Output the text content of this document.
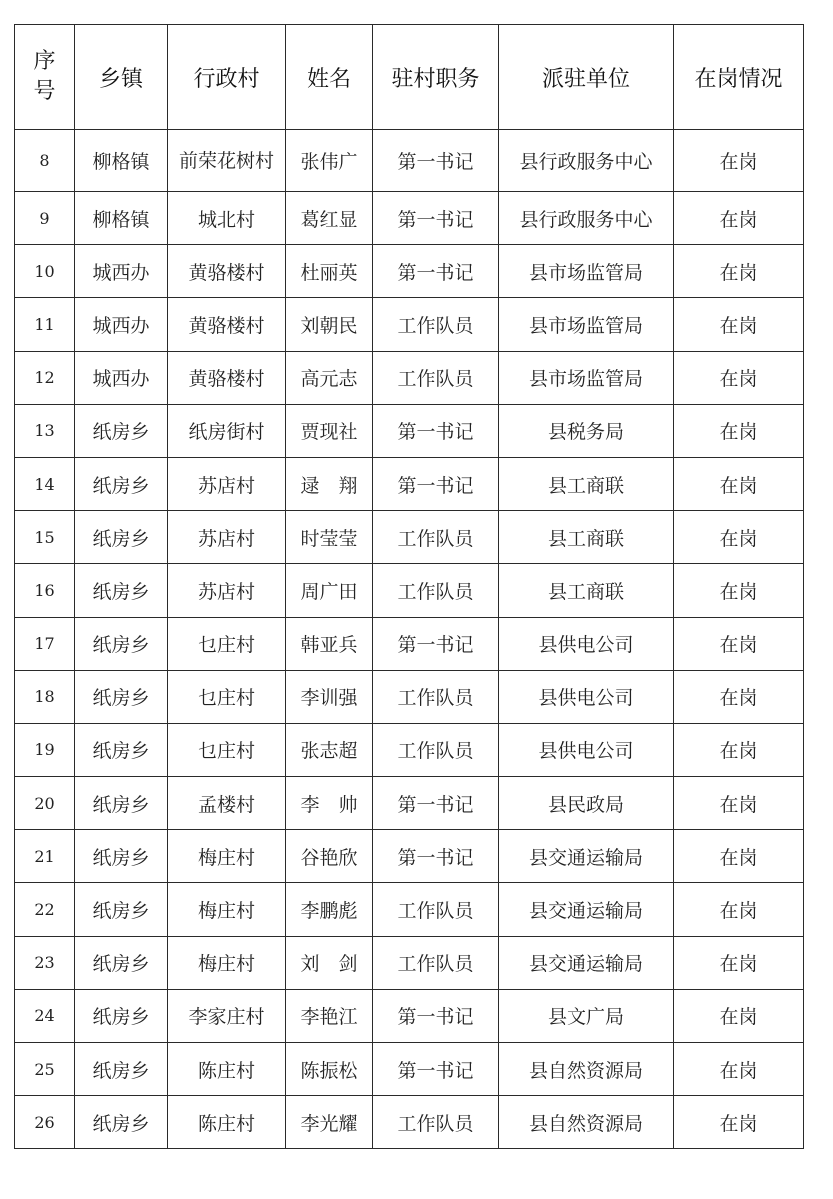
序
号	乡镇	行政村	姓名	驻村职务	派驻单位	在岗情况
8	柳格镇	前荣花树村	张伟广	第一书记	县行政服务中心	在岗
9	柳格镇	城北村	葛红显	第一书记	县行政服务中心	在岗
10	城西办	黄骆楼村	杜丽英	第一书记	县市场监管局	在岗
11	城西办	黄骆楼村	刘朝民	工作队员	县市场监管局	在岗
12	城西办	黄骆楼村	高元志	工作队员	县市场监管局	在岗
13	纸房乡	纸房街村	贾现社	第一书记	县税务局	在岗
14	纸房乡	苏店村	逯　翔	第一书记	县工商联	在岗
15	纸房乡	苏店村	时莹莹	工作队员	县工商联	在岗
16	纸房乡	苏店村	周广田	工作队员	县工商联	在岗
17	纸房乡	乜庄村	韩亚兵	第一书记	县供电公司	在岗
18	纸房乡	乜庄村	李训强	工作队员	县供电公司	在岗
19	纸房乡	乜庄村	张志超	工作队员	县供电公司	在岗
20	纸房乡	孟楼村	李　帅	第一书记	县民政局	在岗
21	纸房乡	梅庄村	谷艳欣	第一书记	县交通运输局	在岗
22	纸房乡	梅庄村	李鹏彪	工作队员	县交通运输局	在岗
23	纸房乡	梅庄村	刘　剑	工作队员	县交通运输局	在岗
24	纸房乡	李家庄村	李艳江	第一书记	县文广局	在岗
25	纸房乡	陈庄村	陈振松	第一书记	县自然资源局	在岗
26	纸房乡	陈庄村	李光耀	工作队员	县自然资源局	在岗
